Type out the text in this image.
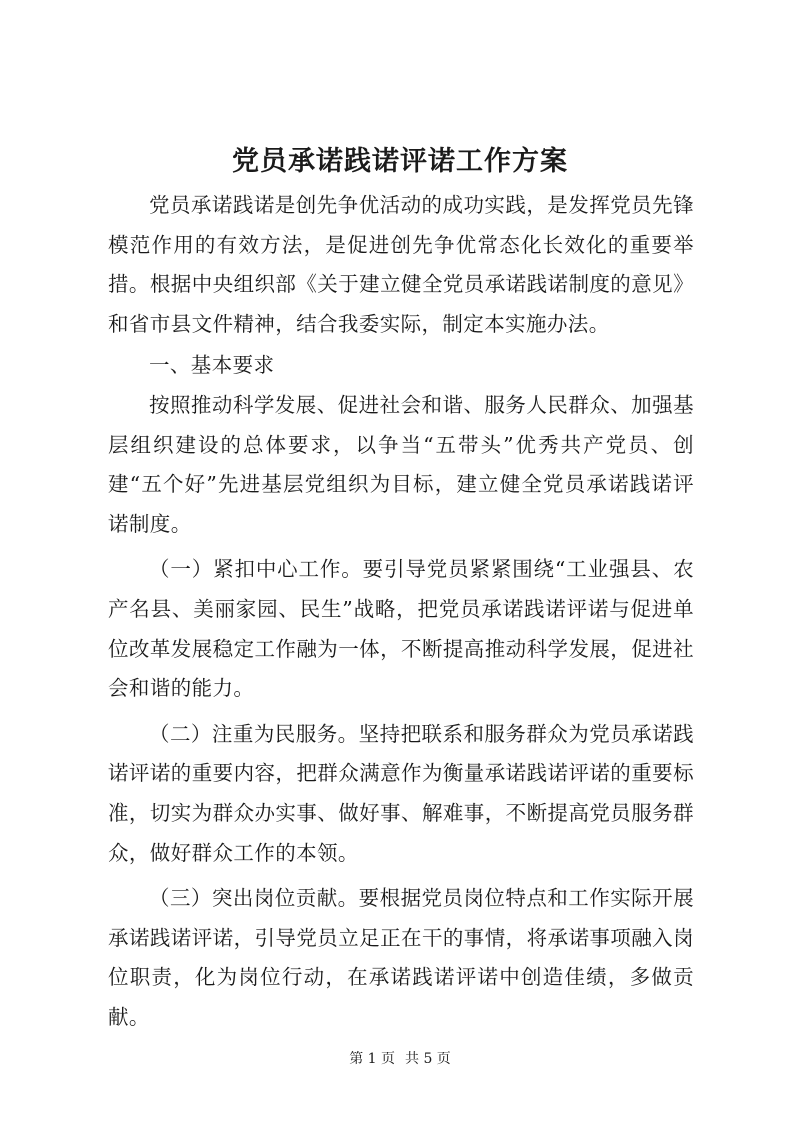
党员承诺践诺评诺工作方案

党员承诺践诺是创先争优活动的成功实践，是发挥党员先锋模范作用的有效方法，是促进创先争优常态化长效化的重要举措。根据中央组织部《关于建立健全党员承诺践诺制度的意见》和省市县文件精神，结合我委实际，制定本实施办法。

一、基本要求

按照推动科学发展、促进社会和谐、服务人民群众、加强基层组织建设的总体要求，以争当“五带头”优秀共产党员、创建“五个好”先进基层党组织为目标，建立健全党员承诺践诺评诺制度。

（一）紧扣中心工作。要引导党员紧紧围绕“工业强县、农产名县、美丽家园、民生”战略，把党员承诺践诺评诺与促进单位改革发展稳定工作融为一体，不断提高推动科学发展，促进社会和谐的能力。

（二）注重为民服务。坚持把联系和服务群众为党员承诺践诺评诺的重要内容，把群众满意作为衡量承诺践诺评诺的重要标准，切实为群众办实事、做好事、解难事，不断提高党员服务群众，做好群众工作的本领。

（三）突出岗位贡献。要根据党员岗位特点和工作实际开展承诺践诺评诺，引导党员立足正在干的事情，将承诺事项融入岗位职责，化为岗位行动，在承诺践诺评诺中创造佳绩，多做贡献。

第 1 页 共 5 页
